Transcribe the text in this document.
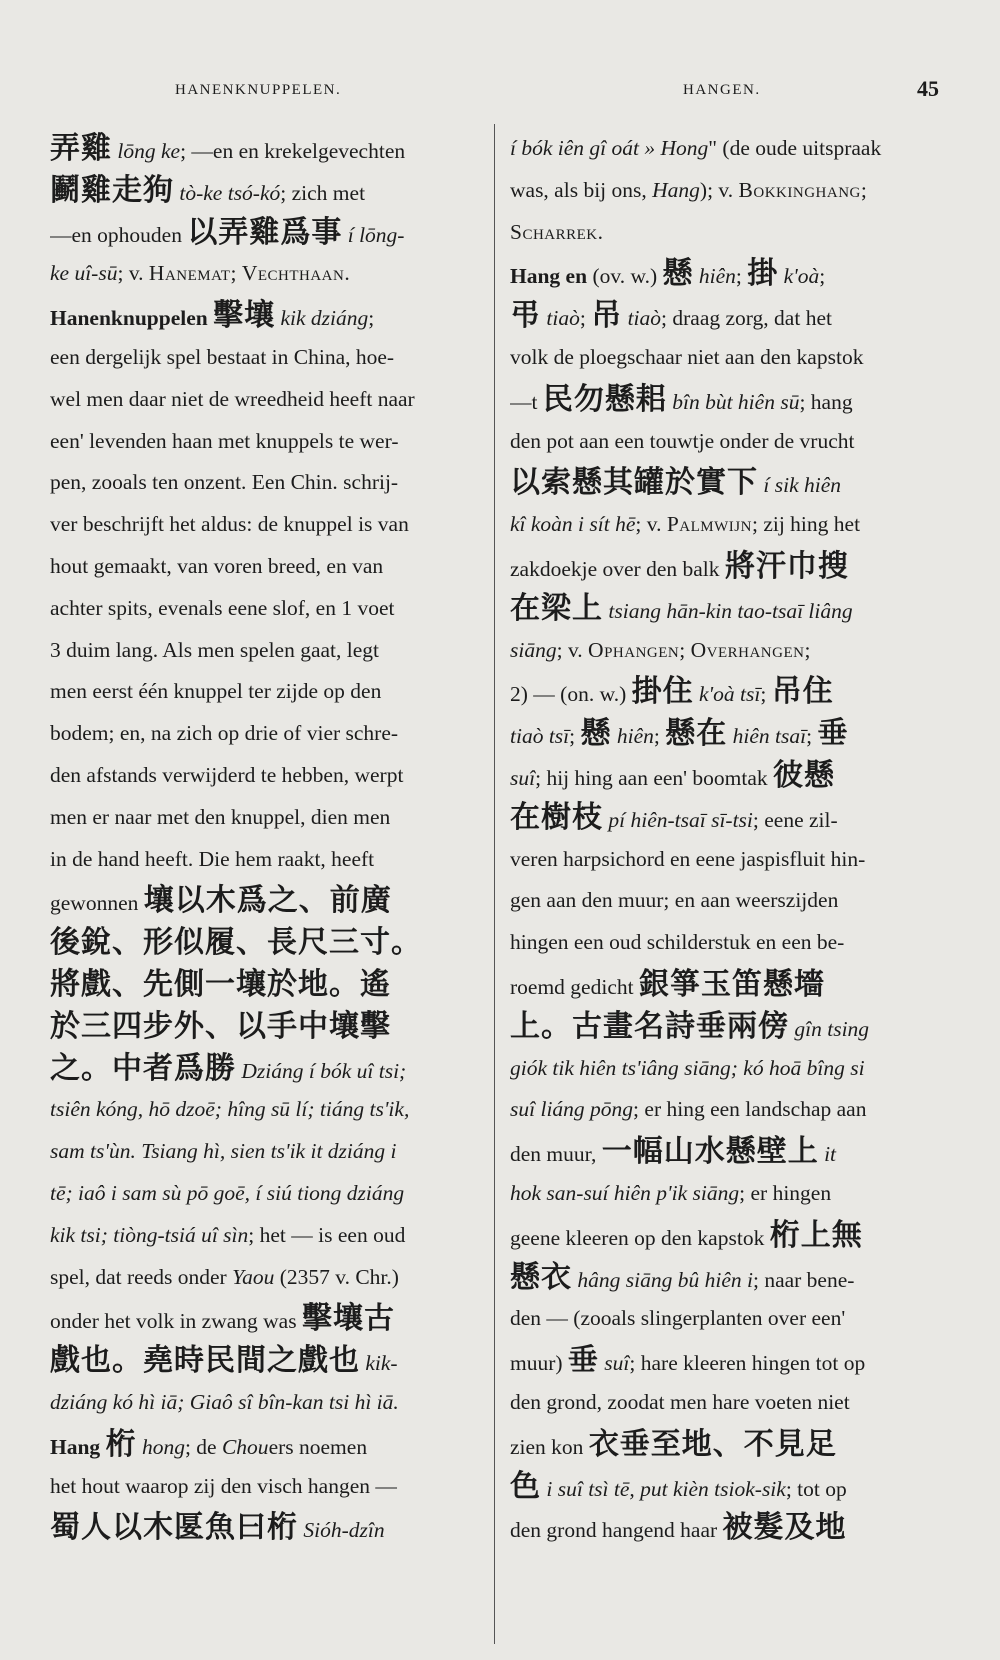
HANENKNUPPELEN.	HANGEN.	45
弄雞 lōng ke; —en en krekelgevechten
鬬雞走狗 tò-ke tsó-kó; zich met
—en ophouden 以弄雞爲事 í lōng-
ke uî-sū; v. Hanemat; Vechthaan.
Hanenknuppelen 擊壤 kik dziáng;
een dergelijk spel bestaat in China, hoe-
wel men daar niet de wreedheid heeft naar
een' levenden haan met knuppels te wer-
pen, zooals ten onzent. Een Chin. schrij-
ver beschrijft het aldus: de knuppel is van
hout gemaakt, van voren breed, en van
achter spits, evenals eene slof, en 1 voet
3 duim lang. Als men spelen gaat, legt
men eerst één knuppel ter zijde op den
bodem; en, na zich op drie of vier schre-
den afstands verwijderd te hebben, werpt
men er naar met den knuppel, dien men
in de hand heeft. Die hem raakt, heeft
gewonnen 壤以木爲之、前廣
後銳、形似履、長尺三寸。
將戲、先側一壤於地。遙
於三四步外、以手中壤擊
之。中者爲勝 Dziáng í bók uî tsi;
tsiên kóng, hō dzoē; hîng sū lí; tiáng ts'ik,
sam ts'ùn. Tsiang hì, sien ts'ik it dziáng i
tē; iaô i sam sù pō goē, í siú tiong dziáng
kik tsi; tiòng-tsiá uî sìn; het — is een oud
spel, dat reeds onder Yaou (2357 v. Chr.)
onder het volk in zwang was 擊壤古
戲也。堯時民間之戲也 kik-
dziáng kó hì iā; Giaô sî bîn-kan tsi hì iā.
Hang 桁 hong; de Chouers noemen
het hout waarop zij den visch hangen —
蜀人以木匽魚曰桁 Sióh-dzîn
í bók iên gî oát » Hong" (de oude uitspraak
was, als bij ons, Hang); v. Bokkinghang;
Scharrek.
Hang en (ov. w.) 懸 hiên; 掛 k'oà;
弔 tiaò; 吊 tiaò; draag zorg, dat het
volk de ploegschaar niet aan den kapstok
—t 民勿懸耜 bîn bùt hiên sū; hang
den pot aan een touwtje onder de vrucht
以索懸其罐於實下 í sik hiên
kî koàn i sít hē; v. Palmwijn; zij hing het
zakdoekje over den balk 將汗巾搜
在梁上 tsiang hān-kin tao-tsaī liâng
siāng; v. Ophangen; Overhangen;
2) — (on. w.) 掛住 k'oà tsī; 吊住
tiaò tsī; 懸 hiên; 懸在 hiên tsaī; 垂
suî; hij hing aan een' boomtak 彼懸
在樹枝 pí hiên-tsaī sī-tsi; eene zil-
veren harpsichord en eene jaspisfluit hin-
gen aan den muur; en aan weerszijden
hingen een oud schilderstuk en een be-
roemd gedicht 銀箏玉笛懸墻
上。古畫名詩垂兩傍 gîn tsing
giók tik hiên ts'iâng siāng; kó hoā bîng si
suî liáng pōng; er hing een landschap aan
den muur, 一幅山水懸壁上 it
hok san-suí hiên p'ik siāng; er hingen
geene kleeren op den kapstok 桁上無
懸衣 hâng siāng bû hiên i; naar bene-
den — (zooals slingerplanten over een'
muur) 垂 suî; hare kleeren hingen tot op
den grond, zoodat men hare voeten niet
zien kon 衣垂至地、不見足
色 i suî tsì tē, put kièn tsiok-sik; tot op
den grond hangend haar 被髮及地
